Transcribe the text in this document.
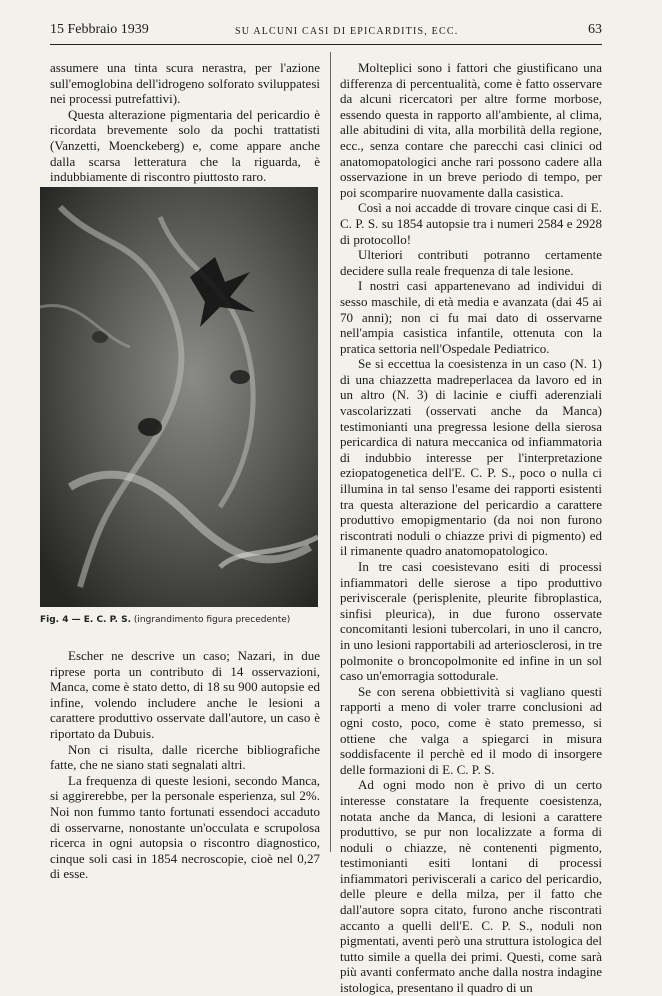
15 Febbraio 1939	SU ALCUNI CASI DI EPICARDITIS, ECC.	63

assumere una tinta scura nerastra, per l'azione sull'emoglobina dell'idrogeno solforato sviluppatesi nei processi putrefattivi).

Questa alterazione pigmentaria del pericardio è ricordata brevemente solo da pochi trattatisti (Vanzetti, Moenckeberg) e, come appare anche dalla scarsa letteratura che la riguarda, è indubbiamente di riscontro piuttosto raro.

Fig. 4 — E. C. P. S. (ingrandimento figura precedente)

Escher ne descrive un caso; Nazari, in due riprese porta un contributo di 14 osservazioni, Manca, come è stato detto, di 18 su 900 autopsie ed infine, volendo includere anche le lesioni a carattere produttivo osservate dall'autore, un caso è riportato da Dubuis.

Non ci risulta, dalle ricerche bibliografiche fatte, che ne siano stati segnalati altri.

La frequenza di queste lesioni, secondo Manca, si aggirerebbe, per la personale esperienza, sul 2%. Noi non fummo tanto fortunati essendoci accaduto di osservarne, nonostante un'occulata e scrupolosa ricerca in ogni autopsia o riscontro diagnostico, cinque soli casi in 1854 necroscopie, cioè nel 0,27 di esse.

Molteplici sono i fattori che giustificano una differenza di percentualità, come è fatto osservare da alcuni ricercatori per altre forme morbose, essendo questa in rapporto all'ambiente, al clima, alle abitudini di vita, alla morbilità della regione, ecc., senza contare che parecchi casi clinici od anatomopatologici anche rari possono cadere alla osservazione in un breve periodo di tempo, per poi scomparire nuovamente dalla casistica.

Così a noi accadde di trovare cinque casi di E. C. P. S. su 1854 autopsie tra i numeri 2584 e 2928 di protocollo!

Ulteriori contributi potranno certamente decidere sulla reale frequenza di tale lesione.

I nostri casi appartenevano ad individui di sesso maschile, di età media e avanzata (dai 45 ai 70 anni); non ci fu mai dato di osservarne nell'ampia casistica infantile, ottenuta con la pratica settoria nell'Ospedale Pediatrico.

Se si eccettua la coesistenza in un caso (N. 1) di una chiazzetta madreperlacea da lavoro ed in un altro (N. 3) di lacinie e ciuffi aderenziali vascolarizzati (osservati anche da Manca) testimonianti una pregressa lesione della sierosa pericardica di natura meccanica od infiammatoria di indubbio interesse per l'interpretazione eziopatogenetica dell'E. C. P. S., poco o nulla ci illumina in tal senso l'esame dei rapporti esistenti tra questa alterazione del pericardio a carattere produttivo emopigmentario (da noi non furono riscontrati noduli o chiazze privi di pigmento) ed il rimanente quadro anatomopatologico.

In tre casi coesistevano esiti di processi infiammatori delle sierose a tipo produttivo periviscerale (perisplenite, pleurite fibroplastica, sinfisi pleurica), in due furono osservate concomitanti lesioni tubercolari, in uno il cancro, in uno lesioni rapportabili ad arteriosclerosi, in tre polmonite o broncopolmonite ed infine in un sol caso un'emorragia sottodurale.

Se con serena obbiettività si vagliano questi rapporti a meno di voler trarre conclusioni ad ogni costo, poco, come è stato premesso, si ottiene che valga a spiegarci in misura soddisfacente il perchè ed il modo di insorgere delle formazioni di E. C. P. S.

Ad ogni modo non è privo di un certo interesse constatare la frequente coesistenza, notata anche da Manca, di lesioni a carattere produttivo, se pur non localizzate a forma di noduli o chiazze, nè contenenti pigmento, testimonianti esiti lontani di processi infiammatori periviscerali a carico del pericardio, delle pleure e della milza, per il fatto che dall'autore sopra citato, furono anche riscontrati accanto a quelli dell'E. C. P. S., noduli non pigmentati, aventi però una struttura istologica del tutto simile a quella dei primi. Questi, come sarà più avanti confermato anche dalla nostra indagine istologica, presentano il quadro di un
